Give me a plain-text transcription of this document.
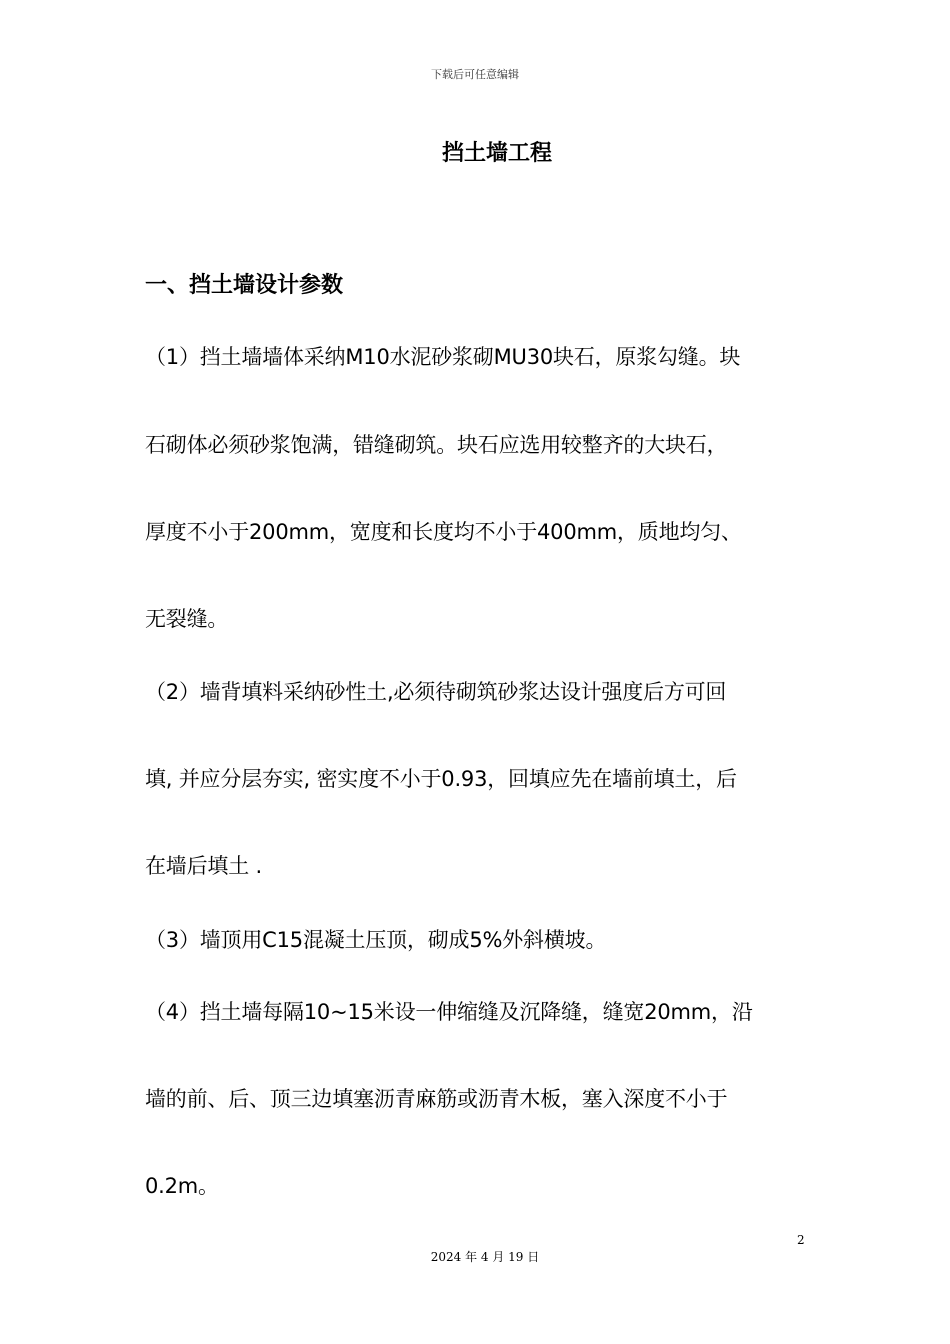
下载后可任意编辑
挡土墙工程
一、挡土墙设计参数
（1）挡土墙墙体采纳M10水泥砂浆砌MU30块石，原浆勾缝。块
石砌体必须砂浆饱满，错缝砌筑。块石应选用较整齐的大块石，
厚度不小于200mm，宽度和长度均不小于400mm，质地均匀、
无裂缝。
（2）墙背填料采纳砂性土,必须待砌筑砂浆达设计强度后方可回
填, 并应分层夯实, 密实度不小于0.93，回填应先在墙前填土，后
在墙后填土 .
（3）墙顶用C15混凝土压顶，砌成5%外斜横坡。
（4）挡土墙每隔10~15米设一伸缩缝及沉降缝，缝宽20mm，沿
墙的前、后、顶三边填塞沥青麻筋或沥青木板，塞入深度不小于
0.2m。
2
2024 年 4 月 19 日
